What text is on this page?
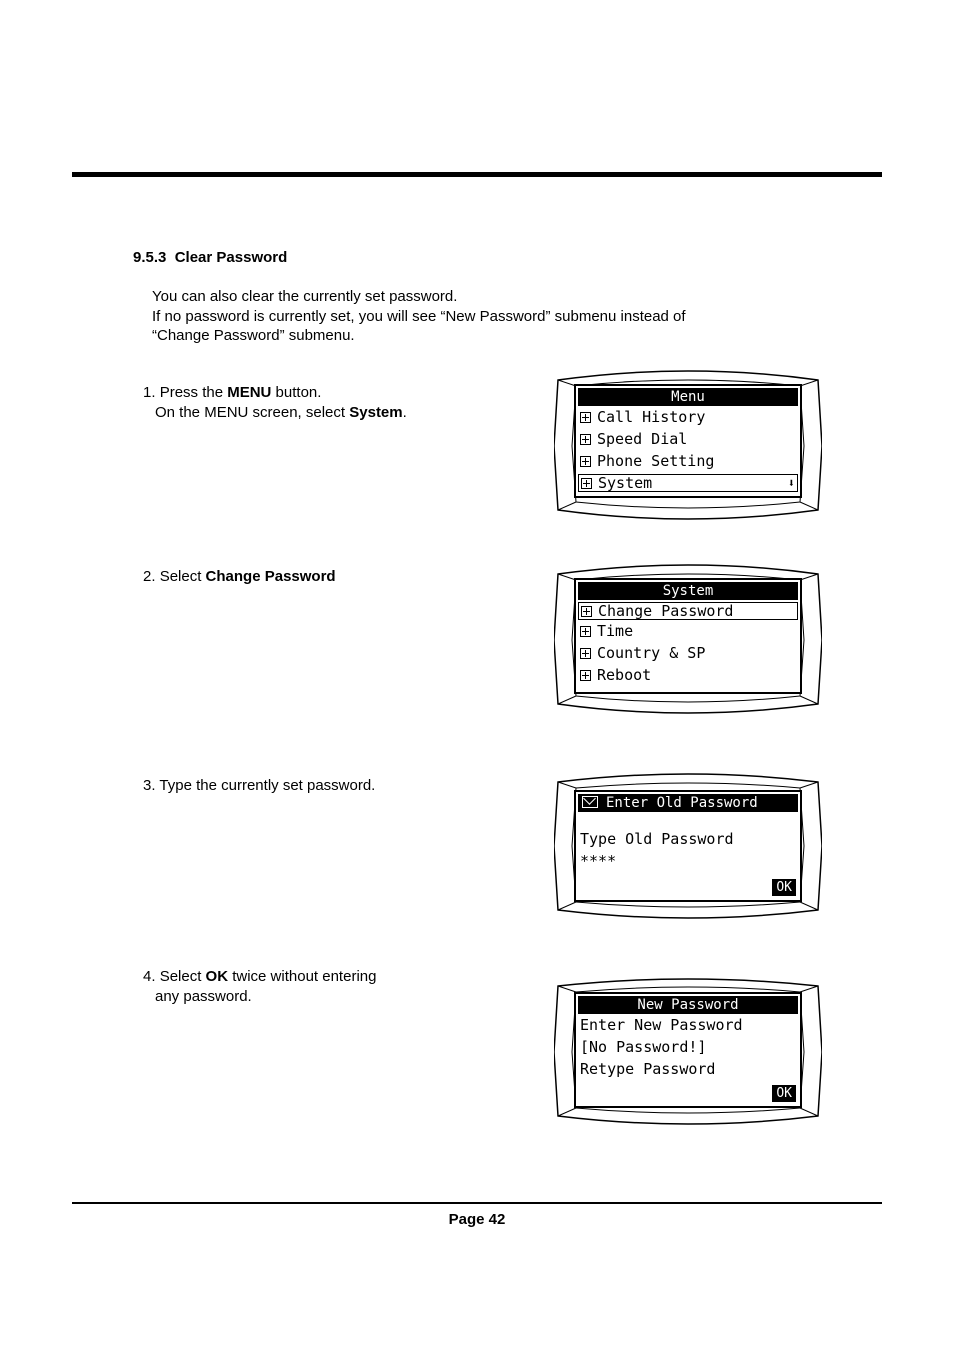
9.5.3 Clear Password
You can also clear the currently set password.
If no password is currently set, you will see “New Password” submenu instead of
“Change Password” submenu.
1. Press the MENU button.
On the MENU screen, select System.
2. Select Change Password
3. Type the currently set password.
4. Select OK twice without entering
any password.
Menu
Call History
Speed Dial
Phone Setting
System	⬇
System
Change Password
Time
Country & SP
Reboot
Enter Old Password
Type Old Password
****
OK
New Password
Enter New Password
[No Password!]
Retype Password
OK
Page 42
